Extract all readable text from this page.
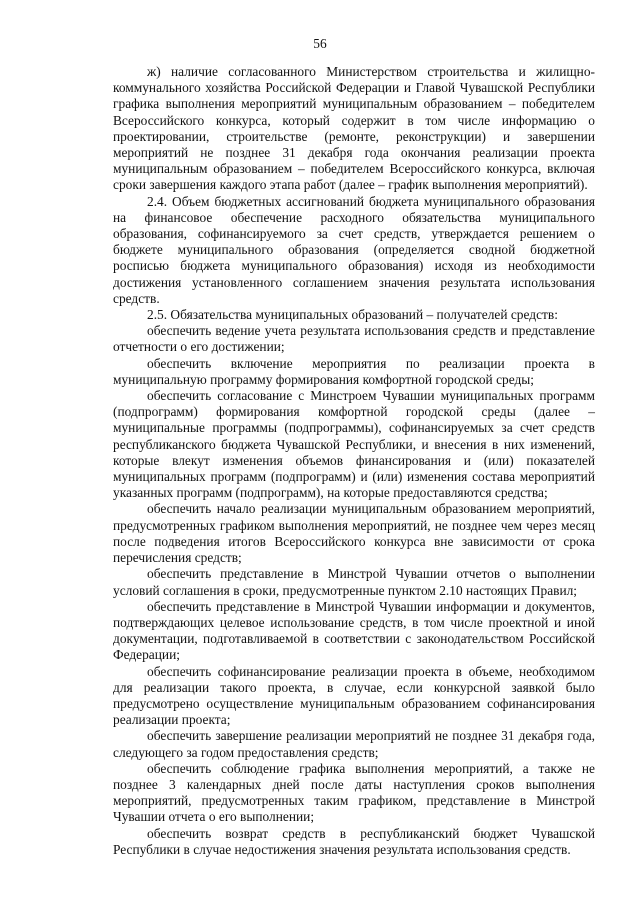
56

ж) наличие согласованного Министерством строительства и жилищно-коммунального хозяйства Российской Федерации и Главой Чувашской Республики графика выполнения мероприятий муниципальным образованием – победителем Всероссийского конкурса, который содержит в том числе информацию о проектировании, строительстве (ремонте, реконструкции) и завершении мероприятий не позднее 31 декабря года окончания реализации проекта муниципальным образованием – победителем Всероссийского конкурса, включая сроки завершения каждого этапа работ (далее – график выполнения мероприятий).

2.4. Объем бюджетных ассигнований бюджета муниципального образования на финансовое обеспечение расходного обязательства муниципального образования, софинансируемого за счет средств, утверждается решением о бюджете муниципального образования (определяется сводной бюджетной росписью бюджета муниципального образования) исходя из необходимости достижения установленного соглашением значения результата использования средств.

2.5. Обязательства муниципальных образований – получателей средств:

обеспечить ведение учета результата использования средств и представление отчетности о его достижении;

обеспечить включение мероприятия по реализации проекта в муниципальную программу формирования комфортной городской среды;

обеспечить согласование с Минстроем Чувашии муниципальных программ (подпрограмм) формирования комфортной городской среды (далее – муниципальные программы (подпрограммы), софинансируемых за счет средств республиканского бюджета Чувашской Республики, и внесения в них изменений, которые влекут изменения объемов финансирования и (или) показателей муниципальных программ (подпрограмм) и (или) изменения состава мероприятий указанных программ (подпрограмм), на которые предоставляются средства;

обеспечить начало реализации муниципальным образованием мероприятий, предусмотренных графиком выполнения мероприятий, не позднее чем через месяц после подведения итогов Всероссийского конкурса вне зависимости от срока перечисления средств;

обеспечить представление в Минстрой Чувашии отчетов о выполнении условий соглашения в сроки, предусмотренные пунктом 2.10 настоящих Правил;

обеспечить представление в Минстрой Чувашии информации и документов, подтверждающих целевое использование средств, в том числе проектной и иной документации, подготавливаемой в соответствии с законодательством Российской Федерации;

обеспечить софинансирование реализации проекта в объеме, необходимом для реализации такого проекта, в случае, если конкурсной заявкой было предусмотрено осуществление муниципальным образованием софинансирования реализации проекта;

обеспечить завершение реализации мероприятий не позднее 31 декабря года, следующего за годом предоставления средств;

обеспечить соблюдение графика выполнения мероприятий, а также не позднее 3 календарных дней после даты наступления сроков выполнения мероприятий, предусмотренных таким графиком, представление в Минстрой Чувашии отчета о его выполнении;

обеспечить возврат средств в республиканский бюджет Чувашской Республики в случае недостижения значения результата использования средств.
